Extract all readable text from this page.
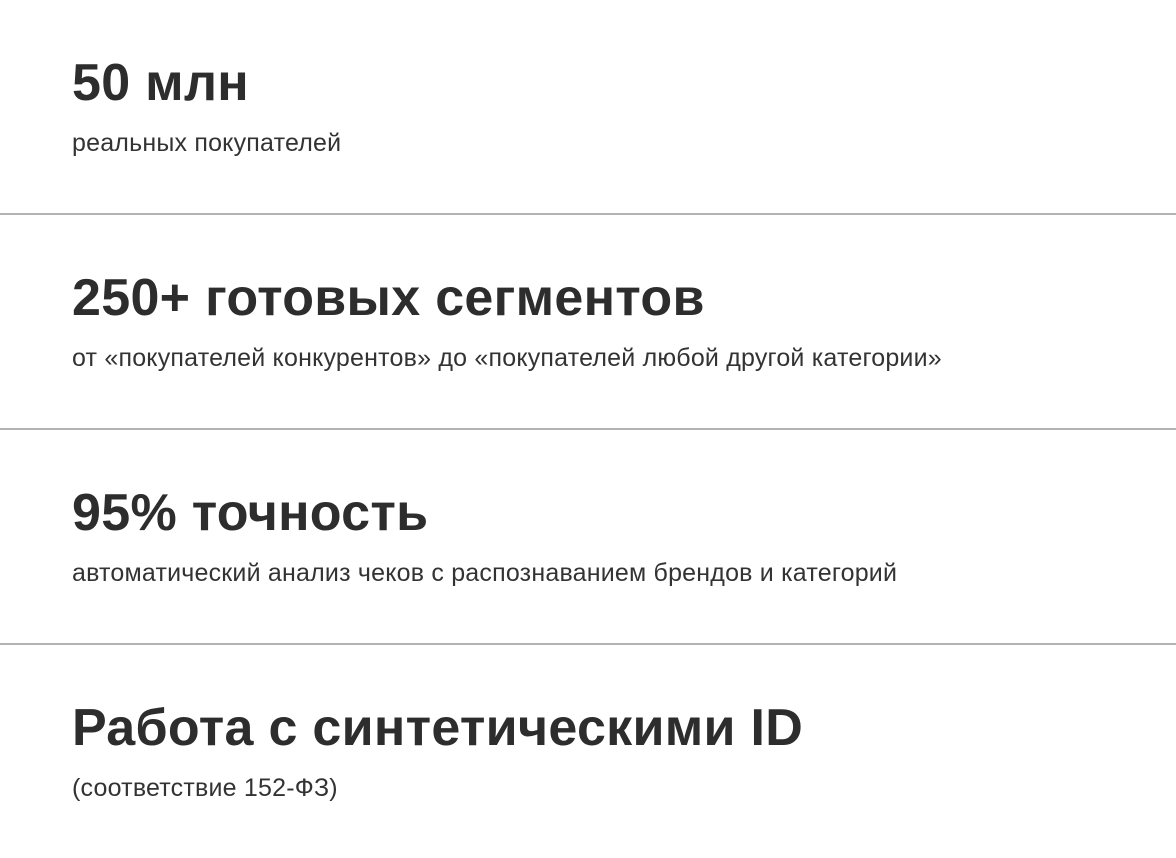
50 млн

реальных покупателей

250+ готовых сегментов

от «покупателей конкурентов» до «покупателей любой другой категории»

95% точность

автоматический анализ чеков с распознаванием брендов и категорий

Работа с синтетическими ID

(соответствие 152-ФЗ)
